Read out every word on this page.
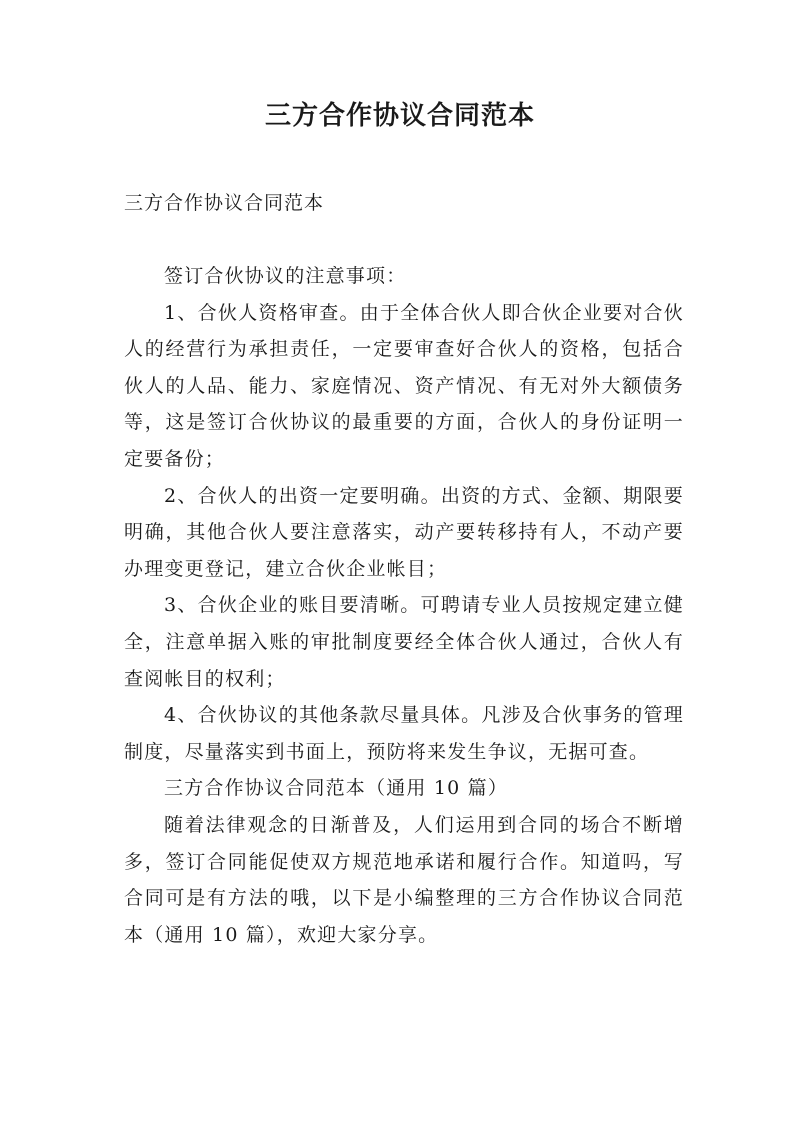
三方合作协议合同范本

三方合作协议合同范本

签订合伙协议的注意事项：

1、合伙人资格审查。由于全体合伙人即合伙企业要对合伙人的经营行为承担责任，一定要审查好合伙人的资格，包括合伙人的人品、能力、家庭情况、资产情况、有无对外大额债务等，这是签订合伙协议的最重要的方面，合伙人的身份证明一定要备份；

2、合伙人的出资一定要明确。出资的方式、金额、期限要明确，其他合伙人要注意落实，动产要转移持有人，不动产要办理变更登记，建立合伙企业帐目；

3、合伙企业的账目要清晰。可聘请专业人员按规定建立健全，注意单据入账的审批制度要经全体合伙人通过，合伙人有查阅帐目的权利；

4、合伙协议的其他条款尽量具体。凡涉及合伙事务的管理制度，尽量落实到书面上，预防将来发生争议，无据可查。

三方合作协议合同范本（通用 10 篇）

随着法律观念的日渐普及，人们运用到合同的场合不断增多，签订合同能促使双方规范地承诺和履行合作。知道吗，写合同可是有方法的哦，以下是小编整理的三方合作协议合同范本（通用 10 篇），欢迎大家分享。
